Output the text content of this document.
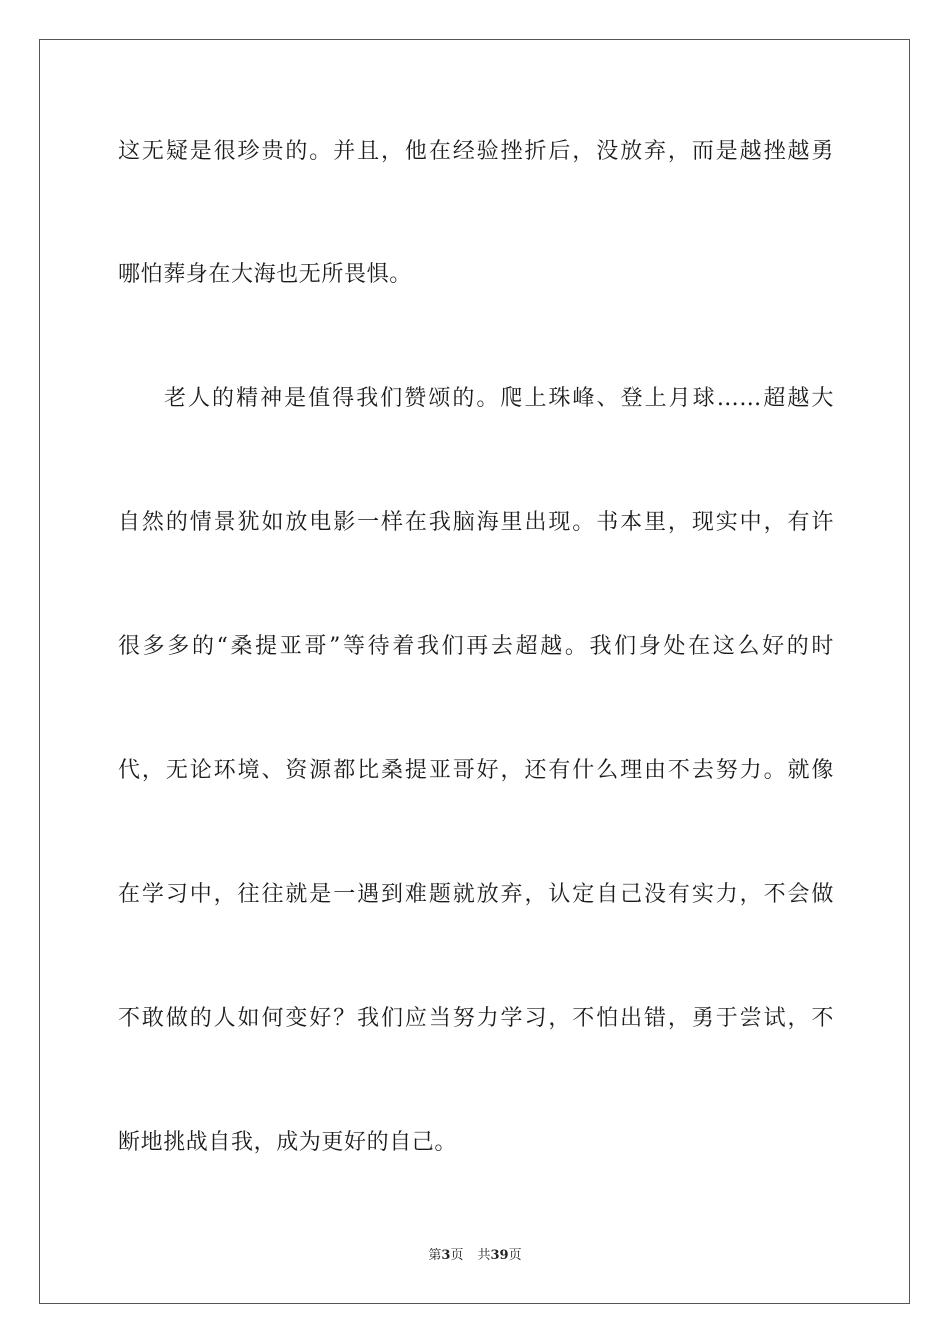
这无疑是很珍贵的。并且，他在经验挫折后，没放弃，而是越挫越勇
哪怕葬身在大海也无所畏惧。
老人的精神是值得我们赞颂的。爬上珠峰、登上月球……超越大
自然的情景犹如放电影一样在我脑海里出现。书本里，现实中，有许
很多多的“桑提亚哥”等待着我们再去超越。我们身处在这么好的时
代，无论环境、资源都比桑提亚哥好，还有什么理由不去努力。就像
在学习中，往往就是一遇到难题就放弃，认定自己没有实力，不会做
不敢做的人如何变好？我们应当努力学习，不怕出错，勇于尝试，不
断地挑战自我，成为更好的自己。
第3页 共39页
